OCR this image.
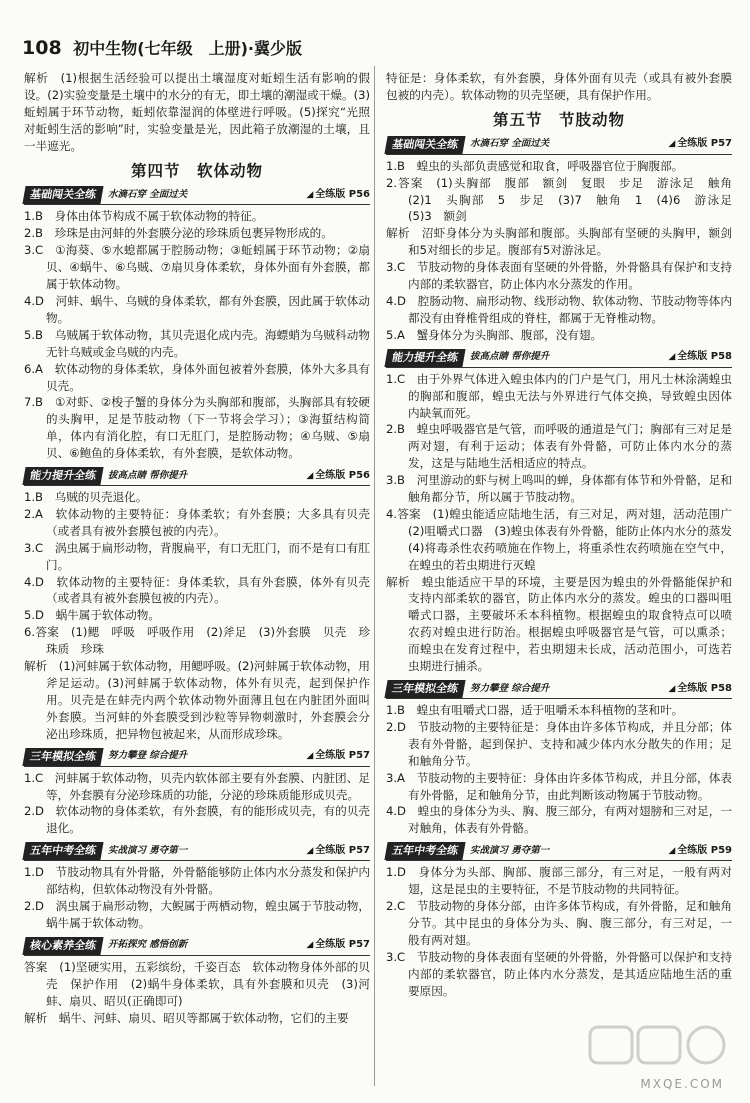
108 初中生物(七年级　上册)·冀少版

解析　(1)根据生活经验可以提出土壤湿度对蚯蚓生活有影响的假设。(2)实验变量是土壤中的水分的有无，即土壤的潮湿或干燥。(3)蚯蚓属于环节动物，蚯蚓依靠湿润的体壁进行呼吸。(5)探究“光照对蚯蚓生活的影响”时，实验变量是光，因此箱子放潮湿的土壤，且一半遮光。

第四节　软体动物
基础闯关全练	水滴石穿 全面过关	◢ 全练版 P56

1.B　身体由体节构成不属于软体动物的特征。

2.B　珍珠是由河蚌的外套膜分泌的珍珠质包裹异物形成的。

3.C　①海葵、⑤水螅都属于腔肠动物；③蚯蚓属于环节动物；②扇贝、④蜗牛、⑥乌贼、⑦扇贝身体柔软，身体外面有外套膜，都属于软体动物。

4.D　河蚌、蜗牛、乌贼的身体柔软，都有外套膜，因此属于软体动物。

5.B　乌贼属于软体动物，其贝壳退化成内壳。海螵蛸为乌贼科动物无针乌贼或金乌贼的内壳。

6.A　软体动物的身体柔软，身体外面包被着外套膜，体外大多具有贝壳。

7.B　①对虾、②梭子蟹的身体分为头胸部和腹部，头胸部具有较硬的头胸甲，足是节肢动物（下一节将会学习）；③海蜇结构简单，体内有消化腔，有口无肛门，是腔肠动物；④乌贼、⑤扇贝、⑥鲍鱼的身体柔软，有外套膜，是软体动物。

能力提升全练	拔高点睛 帮你提升	◢ 全练版 P56

1.B　乌贼的贝壳退化。

2.A　软体动物的主要特征：身体柔软；有外套膜；大多具有贝壳（或者具有被外套膜包被的内壳）。

3.C　涡虫属于扁形动物，背腹扁平，有口无肛门，而不是有口有肛门。

4.D　软体动物的主要特征：身体柔软，具有外套膜，体外有贝壳（或者具有被外套膜包被的内壳）。

5.D　蜗牛属于软体动物。

6.答案　(1)鳃　呼吸　呼吸作用　(2)斧足　(3)外套膜　贝壳　珍珠质　珍珠

解析　(1)河蚌属于软体动物，用鳃呼吸。(2)河蚌属于软体动物，用斧足运动。(3)河蚌属于软体动物，体外有贝壳，起到保护作用。贝壳是在蚌壳内两个软体动物外面薄且包在内脏团外面叫外套膜。当河蚌的外套膜受到沙粒等异物刺激时，外套膜会分泌出珍珠质，把异物包被起来，从而形成珍珠。

三年模拟全练	努力攀登 综合提升	◢ 全练版 P57

1.C　河蚌属于软体动物，贝壳内软体部主要有外套膜、内脏团、足等，外套膜有分泌珍珠质的功能，分泌的珍珠质能形成贝壳。

2.D　软体动物的身体柔软，有外套膜，有的能形成贝壳，有的贝壳退化。

五年中考全练	实战演习 勇夺第一	◢ 全练版 P57

1.D　节肢动物具有外骨骼，外骨骼能够防止体内水分蒸发和保护内部结构，但软体动物没有外骨骼。

2.D　涡虫属于扁形动物，大鲵属于两栖动物，蝗虫属于节肢动物，蜗牛属于软体动物。

核心素养全练	开拓探究 感悟创新	◢ 全练版 P57

答案　(1)坚硬实用，五彩缤纷，千姿百态　软体动物身体外部的贝壳　保护作用　(2)蜗牛身体柔软，具有外套膜和贝壳　(3)河蚌、扇贝、昭贝(正确即可)

解析　蜗牛、河蚌、扇贝、昭贝等都属于软体动物，它们的主要

特征是：身体柔软，有外套膜，身体外面有贝壳（或具有被外套膜包被的内壳）。软体动物的贝壳坚硬，具有保护作用。

第五节　节肢动物
基础闯关全练	水滴石穿 全面过关	◢ 全练版 P57

1.B　蝗虫的头部负责感觉和取食，呼吸器官位于胸腹部。

2.答案　(1)头胸部　腹部　额剑　复眼　步足　游泳足　触角　(2)1　头胸部　5　步足　(3)7　触角　1　(4)6　游泳足　(5)3　额剑

解析　沼虾身体分为头胸部和腹部。头胸部有坚硬的头胸甲，额剑和5对细长的步足。腹部有5对游泳足。

3.C　节肢动物的身体表面有坚硬的外骨骼，外骨骼具有保护和支持内部的柔软器官，防止体内水分蒸发的作用。

4.D　腔肠动物、扁形动物、线形动物、软体动物、节肢动物等体内都没有由脊椎骨组成的脊柱，都属于无脊椎动物。

5.A　蟹身体分为头胸部、腹部，没有翅。

能力提升全练	拔高点睛 帮你提升	◢ 全练版 P58

1.C　由于外界气体进入蝗虫体内的门户是气门，用凡士林涂满蝗虫的胸部和腹部，蝗虫无法与外界进行气体交换，导致蝗虫因体内缺氧而死。

2.B　蝗虫呼吸器官是气管，而呼吸的通道是气门；胸部有三对足是两对翅，有利于运动；体表有外骨骼，可防止体内水分的蒸发，这是与陆地生活相适应的特点。

3.B　河里游动的虾与树上鸣叫的蝉，身体都有体节和外骨骼，足和触角都分节，所以属于节肢动物。

4.答案　(1)蝗虫能适应陆地生活，有三对足，两对翅，活动范围广　(2)咀嚼式口器　(3)蝗虫体表有外骨骼，能防止体内水分的蒸发　(4)将毒杀性农药喷施在作物上，将重杀性农药喷施在空气中，在蝗虫的若虫期进行灭蝗

解析　蝗虫能适应干旱的环境，主要是因为蝗虫的外骨骼能保护和支持内部柔软的器官，防止体内水分的蒸发。蝗虫的口器叫咀嚼式口器，主要破坏禾本科植物。根据蝗虫的取食特点可以喷农药对蝗虫进行防治。根据蝗虫呼吸器官是气管，可以熏杀；而蝗虫在发育过程中，若虫期翅未长成，活动范围小，可选若虫期进行捕杀。

三年模拟全练	努力攀登 综合提升	◢ 全练版 P58

1.B　蝗虫有咀嚼式口器，适于咀嚼禾本科植物的茎和叶。

2.D　节肢动物的主要特征是：身体由许多体节构成，并且分部；体表有外骨骼，起到保护、支持和减少体内水分散失的作用；足和触角分节。

3.A　节肢动物的主要特征：身体由许多体节构成，并且分部，体表有外骨骼，足和触角分节，由此判断该动物属于节肢动物。

4.D　蝗虫的身体分为头、胸、腹三部分，有两对翅膀和三对足，一对触角，体表有外骨骼。

五年中考全练	实战演习 勇夺第一	◢ 全练版 P59

1.D　身体分为头部、胸部、腹部三部分，有三对足，一般有两对翅，这是昆虫的主要特征，不是节肢动物的共同特征。

2.C　节肢动物的身体分部，由许多体节构成，有外骨骼，足和触角分节。其中昆虫的身体分为头、胸、腹三部分，有三对足，一般有两对翅。

3.C　节肢动物的身体表面有坚硬的外骨骼，外骨骼可以保护和支持内部的柔软器官，防止体内水分蒸发，是其适应陆地生活的重要原因。

MXQE.COM
